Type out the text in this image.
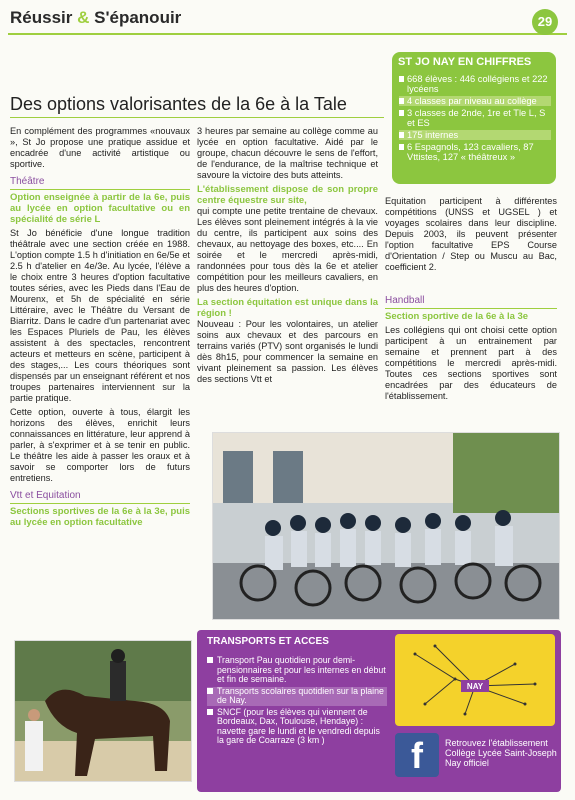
Réussir & S'épanouir	29
ST JO NAY EN CHIFFRES
668 élèves : 446 collégiens et 222 lycéens
4 classes par niveau au collège
3 classes de 2nde, 1re et Tle L, S et ES
175 internes
6 Espagnols, 123 cavaliers, 87 Vttistes, 127 « théâtreux »
Des options valorisantes de la 6e à la Tale

En complément des programmes «nouvaux », St Jo propose une pratique assidue et encadrée d'une activité artistique ou sportive.

Théâtre

Option enseignée à partir de la 6e, puis au lycée en option facultative ou en spécialité de série L

St Jo bénéficie d'une longue tradition théâtrale avec une section créée en 1988. L'option compte 1.5 h d'initiation en 6e/5e et 2.5 h d'atelier en 4e/3e. Au lycée, l'élève a le choix entre 3 heures d'option facultative toutes séries, avec les Pieds dans l'Eau de Mourenx, et 5h de spécialité en série Littéraire, avec le Théâtre du Versant de Biarritz. Dans le cadre d'un partenariat avec les Espaces Pluriels de Pau, les élèves assistent à des spectacles, rencontrent acteurs et metteurs en scène, participent à des stages,... Les cours théoriques sont dispensés par un enseignant référent et nos troupes partenaires interviennent sur la partie pratique.

Cette option, ouverte à tous, élargit les horizons des élèves, enrichit leurs connaissances en littérature, leur apprend à parler, à s'exprimer et à se tenir en public. Le théâtre les aide à passer les oraux et à savoir se comporter lors de futurs entretiens.

Vtt et Equitation

Sections sportives de la 6e à la 3e, puis au lycée en option facultative

3 heures par semaine au collège comme au lycée en option facultative. Aidé par le groupe, chacun découvre le sens de l'effort, de l'endurance, de la maîtrise technique et savoure la victoire des buts atteints.

L'établissement dispose de son propre centre équestre sur site,

qui compte une petite trentaine de chevaux. Les élèves sont pleinement intégrés à la vie du centre, ils participent aux soins des chevaux, au nettoyage des boxes, etc.... En soirée et le mercredi après-midi, randonnées pour tous dès la 6e et atelier compétition pour les meilleurs cavaliers, en plus des heures d'option.

La section équitation est unique dans la région !

Nouveau : Pour les volontaires, un atelier soins aux chevaux et des parcours en terrains variés (PTV) sont organisés le lundi dès 8h15, pour commencer la semaine en vivant pleinement sa passion. Les élèves des sections Vtt et

Equitation participent à différentes compétitions (UNSS et UGSEL ) et voyages scolaires dans leur discipline. Depuis 2003, ils peuvent présenter l'option facultative EPS Course d'Orientation / Step ou Muscu au Bac, coefficient 2.

Handball

Section sportive de la 6e à la 3e

Les collégiens qui ont choisi cette option participent à un entrainement par semaine et prennent part à des compétitions le mercredi après-midi. Toutes ces sections sportives sont encadrées par des éducateurs de l'établissement.

TRANSPORTS ET ACCES
Transport Pau quotidien pour demi-pensionnaires et pour les internes en début et fin de semaine.
Transports scolaires quotidien sur la plaine de Nay.
SNCF (pour les élèves qui viennent de Bordeaux, Dax, Toulouse, Hendaye) : navette gare le lundi et le vendredi depuis la gare de Coarraze (3 km )
NAY
f	Retrouvez l'établissement Collège Lycée Saint-Joseph Nay officiel
